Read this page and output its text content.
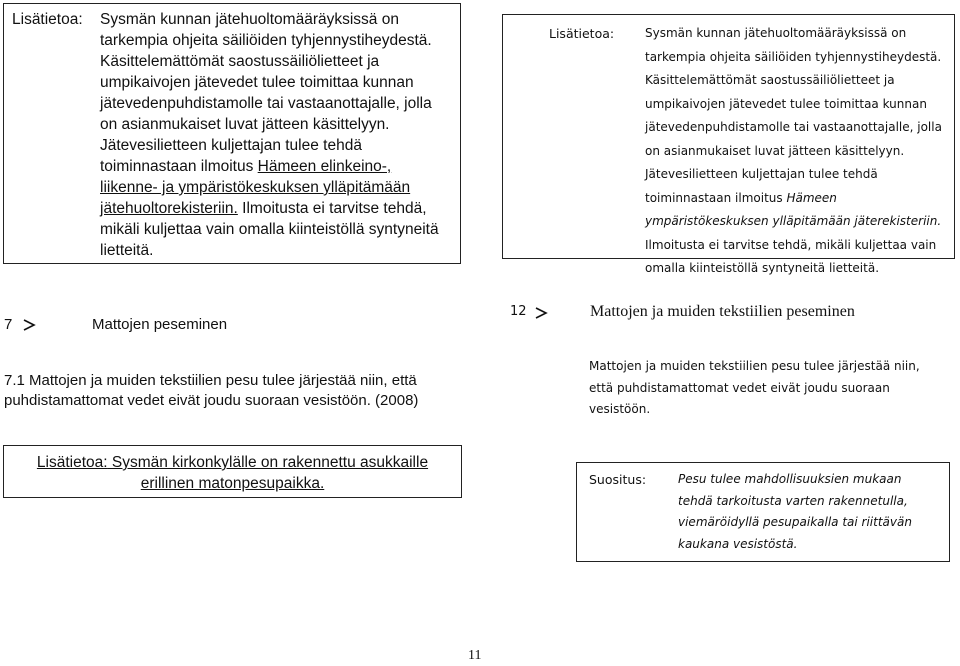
Lisätietoa: Sysmän kunnan jätehuoltomääräyksissä on tarkempia ohjeita säiliöiden tyhjennystiheydestä. Käsittelemättömät saostussäiliölietteet ja umpikaivojen jätevedet tulee toimittaa kunnan jätevedenpuhdistamolle tai vastaanottajalle, jolla on asianmukaiset luvat jätteen käsittelyyn. Jätevesilietteen kuljettajan tulee tehdä toiminnastaan ilmoitus Hämeen elinkeino-, liikenne- ja ympäristökeskuksen ylläpitämään jätehuoltorekisteriin. Ilmoitusta ei tarvitse tehdä, mikäli kuljettaa vain omalla kiinteistöllä syntyneitä lietteitä.

Lisätietoa:	Sysmän kunnan jätehuoltomääräyksissä on tarkempia ohjeita säiliöiden tyhjennystiheydestä. Käsittelemättömät saostussäiliölietteet ja umpikaivojen jätevedet tulee toimittaa kunnan jätevedenpuhdistamolle tai vastaanottajalle, jolla on asianmukaiset luvat jätteen käsittelyyn. Jätevesilietteen kuljettajan tulee tehdä toiminnastaan ilmoitus Hämeen ympäristökeskuksen ylläpitämään jäterekisteriin. Ilmoitusta ei tarvitse tehdä, mikäli kuljettaa vain omalla kiinteistöllä syntyneitä lietteitä.

7	Mattojen peseminen

7.1 Mattojen ja muiden tekstiilien pesu tulee järjestää niin, että puhdistamattomat vedet eivät joudu suoraan vesistöön. (2008)

Lisätietoa: Sysmän kirkonkylälle on rakennettu asukkaille erillinen matonpesupaikka.

12	Mattojen ja muiden tekstiilien peseminen

Mattojen ja muiden tekstiilien pesu tulee järjestää niin, että puhdistamattomat vedet eivät joudu suoraan vesistöön.

Suositus:	Pesu tulee mahdollisuuksien mukaan tehdä tarkoitusta varten rakennetulla, viemäröidyllä pesupaikalla tai riittävän kaukana vesistöstä.

11
